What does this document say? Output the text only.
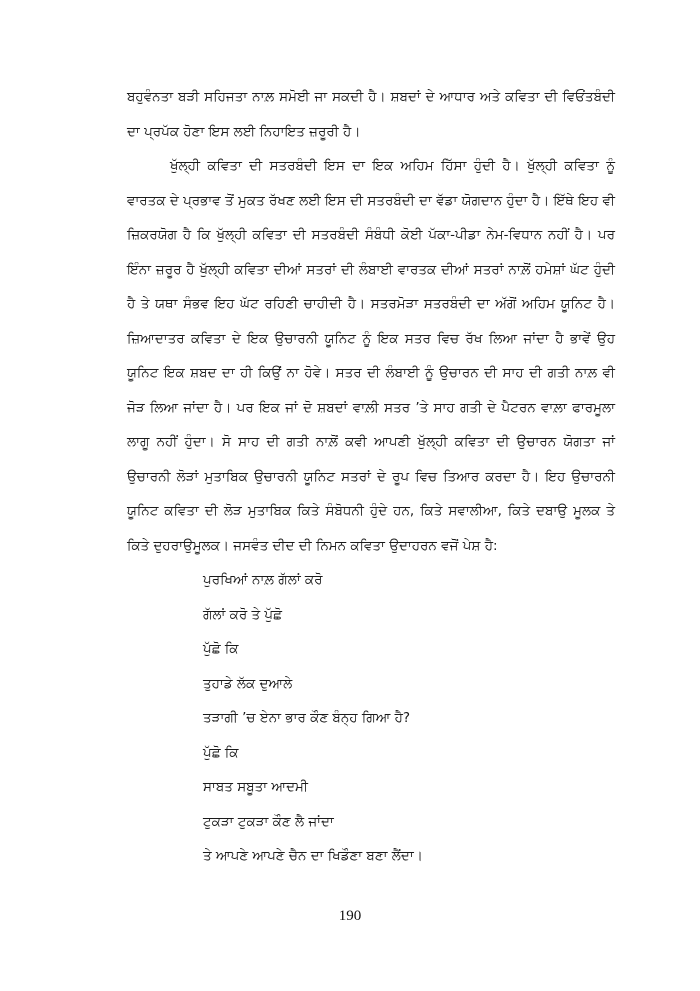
ਬਹੁਵੰਨਤਾ ਬੜੀ ਸਹਿਜਤਾ ਨਾਲ਼ ਸਮੋਈ ਜਾ ਸਕਦੀ ਹੈ। ਸ਼ਬਦਾਂ ਦੇ ਆਧਾਰ ਅਤੇ ਕਵਿਤਾ ਦੀ ਵਿਓਂਤਬੰਦੀ ਦਾ ਪ੍ਰਪੱਕ ਹੋਣਾ ਇਸ ਲਈ ਨਿਹਾਇਤ ਜ਼ਰੂਰੀ ਹੈ।

ਖੁੱਲ੍ਹੀ ਕਵਿਤਾ ਦੀ ਸਤਰਬੰਦੀ ਇਸ ਦਾ ਇਕ ਅਹਿਮ ਹਿੱਸਾ ਹੁੰਦੀ ਹੈ। ਖੁੱਲ੍ਹੀ ਕਵਿਤਾ ਨੂੰ ਵਾਰਤਕ ਦੇ ਪ੍ਰਭਾਵ ਤੋਂ ਮੁਕਤ ਰੱਖਣ ਲਈ ਇਸ ਦੀ ਸਤਰਬੰਦੀ ਦਾ ਵੱਡਾ ਯੋਗਦਾਨ ਹੁੰਦਾ ਹੈ। ਇੱਥੇ ਇਹ ਵੀ ਜ਼ਿਕਰਯੋਗ ਹੈ ਕਿ ਖੁੱਲ੍ਹੀ ਕਵਿਤਾ ਦੀ ਸਤਰਬੰਦੀ ਸੰਬੰਧੀ ਕੋਈ ਪੱਕਾ-ਪੀਡਾ ਨੇਮ-ਵਿਧਾਨ ਨਹੀਂ ਹੈ। ਪਰ ਇੰਨਾ ਜ਼ਰੂਰ ਹੈ ਖੁੱਲ੍ਹੀ ਕਵਿਤਾ ਦੀਆਂ ਸਤਰਾਂ ਦੀ ਲੰਬਾਈ ਵਾਰਤਕ ਦੀਆਂ ਸਤਰਾਂ ਨਾਲ਼ੋਂ ਹਮੇਸ਼ਾਂ ਘੱਟ ਹੁੰਦੀ ਹੈ ਤੇ ਯਥਾ ਸੰਭਵ ਇਹ ਘੱਟ ਰਹਿਣੀ ਚਾਹੀਦੀ ਹੈ। ਸਤਰਮੋੜਾ ਸਤਰਬੰਦੀ ਦਾ ਅੱਗੋਂ ਅਹਿਮ ਯੂਨਿਟ ਹੈ। ਜ਼ਿਆਦਾਤਰ ਕਵਿਤਾ ਦੇ ਇਕ ਉਚਾਰਨੀ ਯੂਨਿਟ ਨੂੰ ਇਕ ਸਤਰ ਵਿਚ ਰੱਖ ਲਿਆ ਜਾਂਦਾ ਹੈ ਭਾਵੇਂ ਉਹ ਯੂਨਿਟ ਇਕ ਸ਼ਬਦ ਦਾ ਹੀ ਕਿਉਂ ਨਾ ਹੋਵੇ। ਸਤਰ ਦੀ ਲੰਬਾਈ ਨੂੰ ਉਚਾਰਨ ਦੀ ਸਾਹ ਦੀ ਗਤੀ ਨਾਲ਼ ਵੀ ਜੋੜ ਲਿਆ ਜਾਂਦਾ ਹੈ। ਪਰ ਇਕ ਜਾਂ ਦੋ ਸ਼ਬਦਾਂ ਵਾਲ਼ੀ ਸਤਰ ’ਤੇ ਸਾਹ ਗਤੀ ਦੇ ਪੈਟਰਨ ਵਾਲ਼ਾ ਫਾਰਮੂਲਾ ਲਾਗੂ ਨਹੀਂ ਹੁੰਦਾ। ਸੋ ਸਾਹ ਦੀ ਗਤੀ ਨਾਲ਼ੋਂ ਕਵੀ ਆਪਣੀ ਖੁੱਲ੍ਹੀ ਕਵਿਤਾ ਦੀ ਉਚਾਰਨ ਯੋਗਤਾ ਜਾਂ ਉਚਾਰਨੀ ਲੋੜਾਂ ਮੁਤਾਬਿਕ ਉਚਾਰਨੀ ਯੂਨਿਟ ਸਤਰਾਂ ਦੇ ਰੂਪ ਵਿਚ ਤਿਆਰ ਕਰਦਾ ਹੈ। ਇਹ ਉਚਾਰਨੀ ਯੂਨਿਟ ਕਵਿਤਾ ਦੀ ਲੋੜ ਮੁਤਾਬਿਕ ਕਿਤੇ ਸੰਬੋਧਨੀ ਹੁੰਦੇ ਹਨ, ਕਿਤੇ ਸਵਾਲੀਆ, ਕਿਤੇ ਦਬਾਉ ਮੂਲਕ ਤੇ ਕਿਤੇ ਦੁਹਰਾਉਮੂਲਕ। ਜਸਵੰਤ ਦੀਦ ਦੀ ਨਿਮਨ ਕਵਿਤਾ ਉਦਾਹਰਨ ਵਜੋਂ ਪੇਸ਼ ਹੈ:

ਪੁਰਖਿਆਂ ਨਾਲ਼ ਗੱਲਾਂ ਕਰੋ
ਗੱਲਾਂ ਕਰੋ ਤੇ ਪੁੱਛੋ
ਪੁੱਛੋ ਕਿ
ਤੁਹਾਡੇ ਲੱਕ ਦੁਆਲੇ
ਤੜਾਗੀ ’ਚ ਏਨਾ ਭਾਰ ਕੌਣ ਬੰਨ੍ਹ ਗਿਆ ਹੈ?
ਪੁੱਛੋ ਕਿ
ਸਾਬਤ ਸਬੂਤਾ ਆਦਮੀ
ਟੁਕੜਾ ਟੁਕੜਾ ਕੌਣ ਲੈ ਜਾਂਦਾ
ਤੇ ਆਪਣੇ ਆਪਣੇ ਚੈਨ ਦਾ ਖਿਡੌਣਾ ਬਣਾ ਲੈਂਦਾ।
190
